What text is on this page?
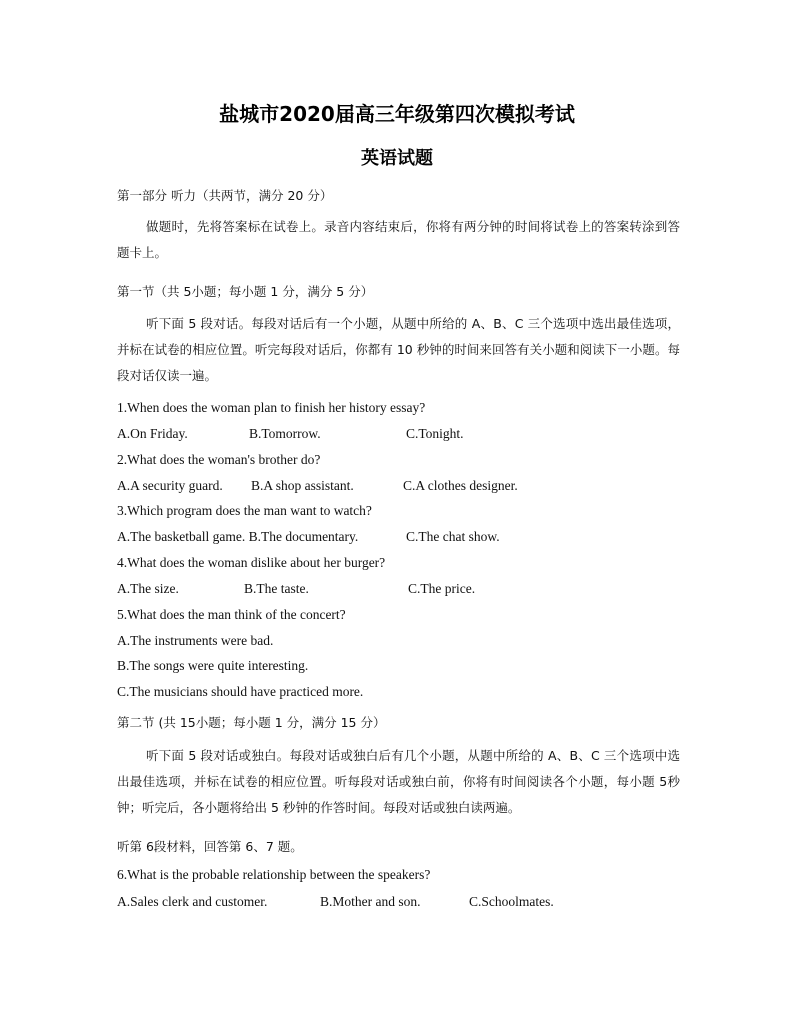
盐城市2020届高三年级第四次模拟考试
英语试题
第一部分 听力（共两节，满分 20 分）
做题时，先将答案标在试卷上。录音内容结束后，你将有两分钟的时间将试卷上的答案转涂到答题卡上。
第一节（共 5小题；每小题 1 分，满分 5 分）
听下面 5 段对话。每段对话后有一个小题，从题中所给的 A、B、C 三个选项中选出最佳选项，并标在试卷的相应位置。听完每段对话后，你都有 10 秒钟的时间来回答有关小题和阅读下一小题。每段对话仅读一遍。
1.When does the woman plan to finish her history essay?
A.On Friday.	B.Tomorrow.	C.Tonight.
2.What does the woman's brother do?
A.A security guard. B.A shop assistant.	C.A clothes designer.
3.Which program does the man want to watch?
A.The basketball game. B.The documentary.	C.The chat show.
4.What does the woman dislike about her burger?
A.The size.	B.The taste.	C.The price.
5.What does the man think of the concert?
A.The instruments were bad.
B.The songs were quite interesting.
C.The musicians should have practiced more.
第二节 (共 15小题；每小题 1 分，满分 15 分）
听下面 5 段对话或独白。每段对话或独白后有几个小题，从题中所给的 A、B、C 三个选项中选出最佳选项，并标在试卷的相应位置。听每段对话或独白前，你将有时间阅读各个小题，每小题 5秒钟；听完后，各小题将给出 5 秒钟的作答时间。每段对话或独白读两遍。
听第 6段材料，回答第 6、7 题。
6.What is the probable relationship between the speakers?
A.Sales clerk and customer.	B.Mother and son.	C.Schoolmates.
